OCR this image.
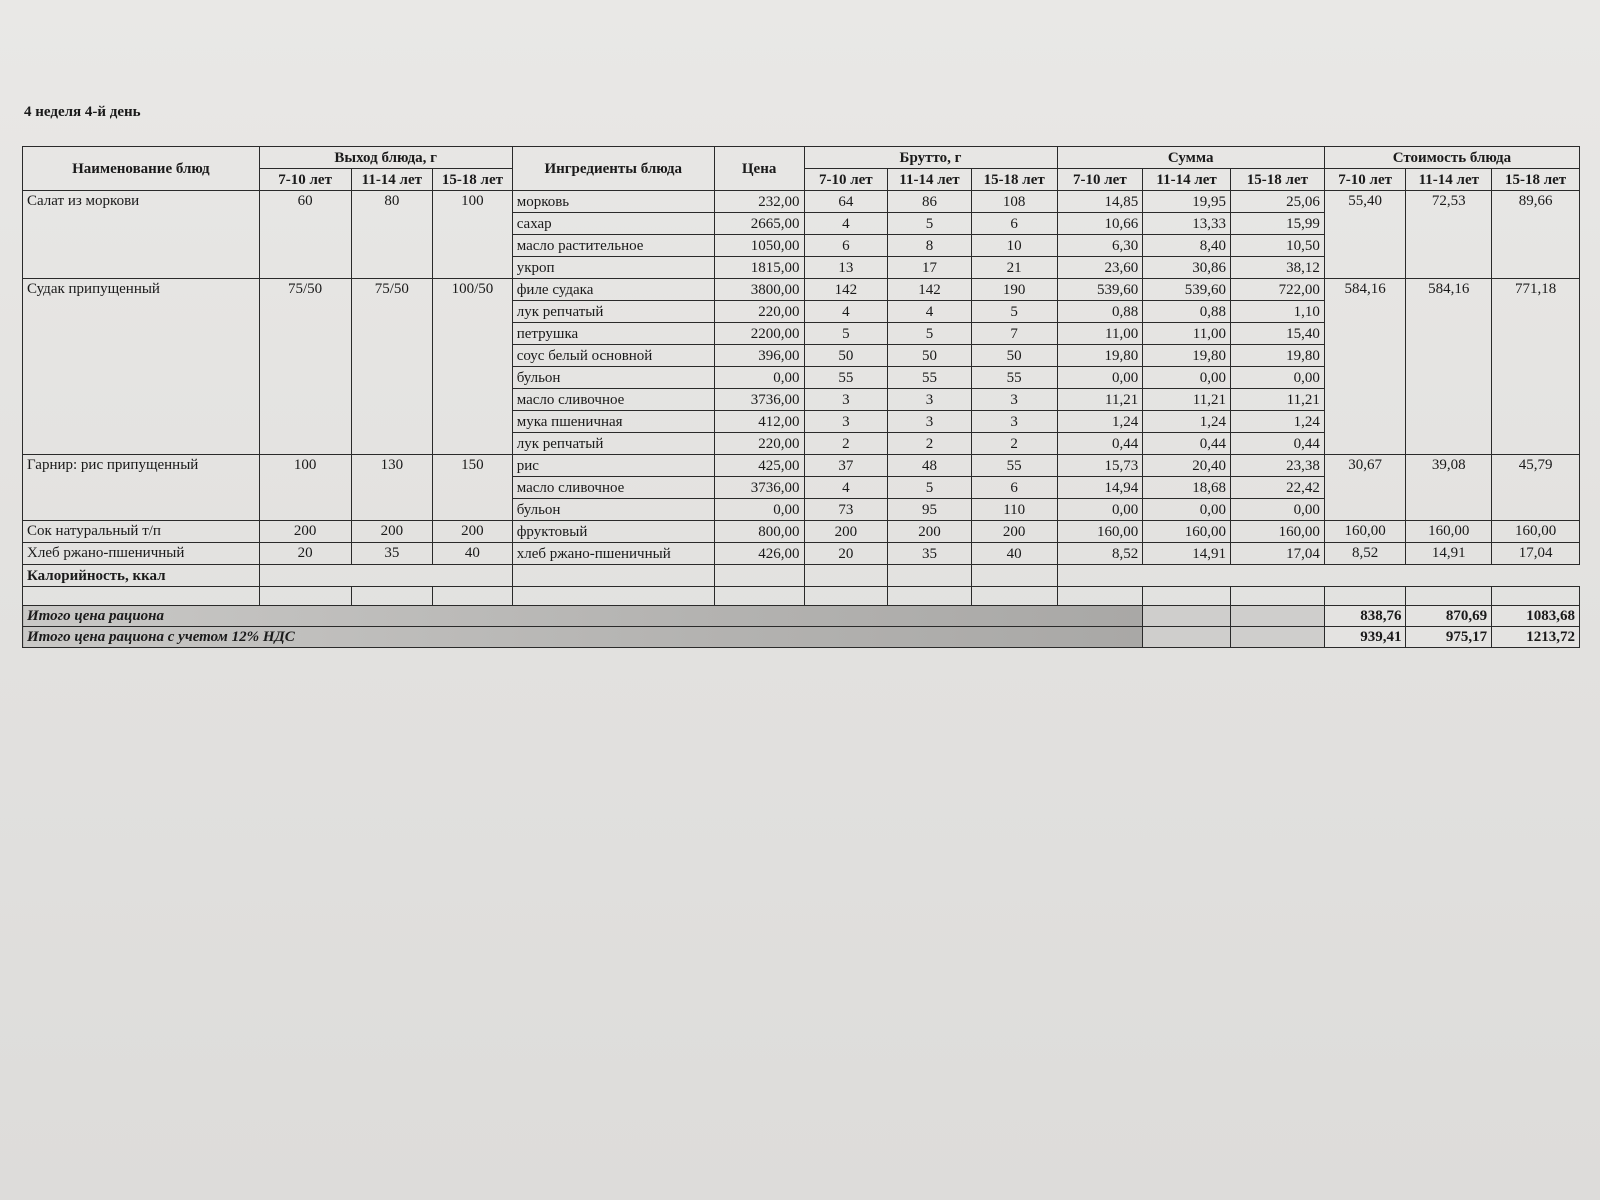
4 неделя 4-й день
Наименование блюд	Выход блюда, г			Ингредиенты блюда	Цена	Брутто, г			Сумма			Стоимость блюда		
	7-10 лет	11-14 лет	15-18 лет			7-10 лет	11-14 лет	15-18 лет	7-10 лет	11-14 лет	15-18 лет	7-10 лет	11-14 лет	15-18 лет
Салат из моркови	60	80	100	морковь	232,00	64	86	108	14,85	19,95	25,06	55,40	72,53	89,66
				сахар	2665,00	4	5	6	10,66	13,33	15,99			
				масло растительное	1050,00	6	8	10	6,30	8,40	10,50			
				укроп	1815,00	13	17	21	23,60	30,86	38,12			
Судак припущенный	75/50	75/50	100/50	филе судака	3800,00	142	142	190	539,60	539,60	722,00	584,16	584,16	771,18
				лук репчатый	220,00	4	4	5	0,88	0,88	1,10			
				петрушка	2200,00	5	5	7	11,00	11,00	15,40			
				соус белый основной	396,00	50	50	50	19,80	19,80	19,80			
				бульон	0,00	55	55	55	0,00	0,00	0,00			
				масло сливочное	3736,00	3	3	3	11,21	11,21	11,21			
				мука пшеничная	412,00	3	3	3	1,24	1,24	1,24			
				лук репчатый	220,00	2	2	2	0,44	0,44	0,44			
Гарнир: рис припущенный	100	130	150	рис	425,00	37	48	55	15,73	20,40	23,38	30,67	39,08	45,79
				масло сливочное	3736,00	4	5	6	14,94	18,68	22,42			
				бульон	0,00	73	95	110	0,00	0,00	0,00			
Сок натуральный т/п	200	200	200	фруктовый	800,00	200	200	200	160,00	160,00	160,00	160,00	160,00	160,00
Хлеб ржано-пшеничный	20	35	40	хлеб ржано-пшеничный	426,00	20	35	40	8,52	14,91	17,04	8,52	14,91	17,04
Калорийность, ккал														

Итого цена рациона												838,76	870,69	1083,68
Итого цена рациона с учетом 12% НДС												939,41	975,17	1213,72
